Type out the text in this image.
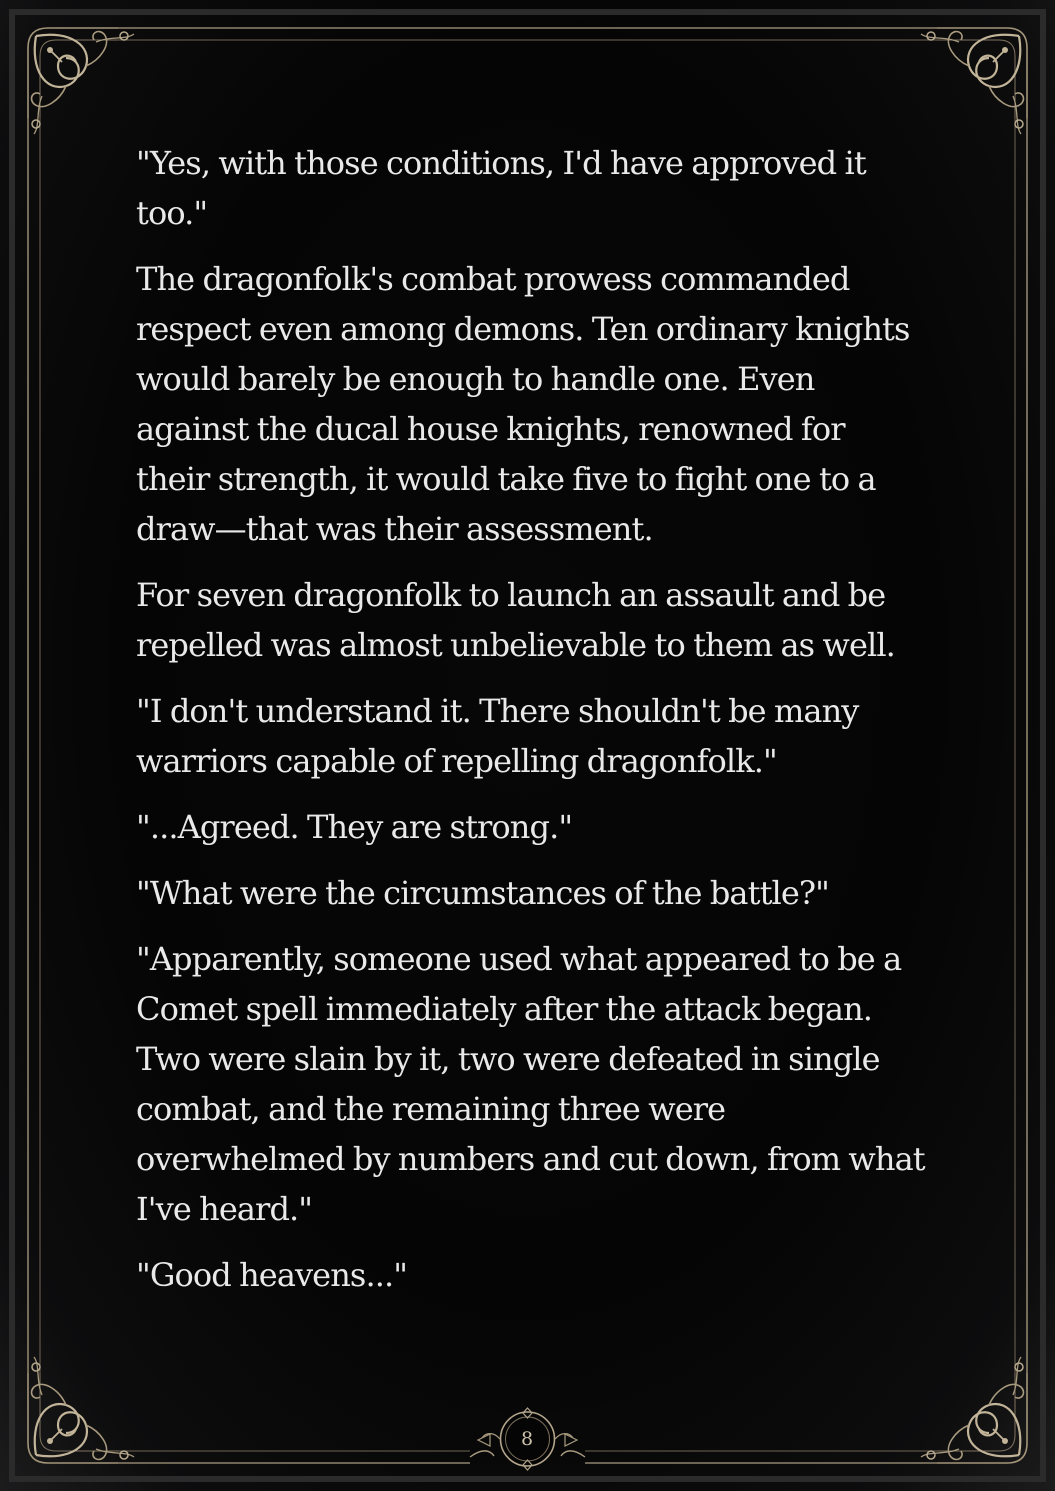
"Yes, with those conditions, I'd have approved it too."

The dragonfolk's combat prowess commanded respect even among demons. Ten ordinary knights would barely be enough to handle one. Even against the ducal house knights, renowned for their strength, it would take five to fight one to a draw—that was their assessment.

For seven dragonfolk to launch an assault and be repelled was almost unbelievable to them as well.

"I don't understand it. There shouldn't be many warriors capable of repelling dragonfolk."

"...Agreed. They are strong."

"What were the circumstances of the battle?"

"Apparently, someone used what appeared to be a Comet spell immediately after the attack began. Two were slain by it, two were defeated in single combat, and the remaining three were overwhelmed by numbers and cut down, from what I've heard."

"Good heavens..."

8
